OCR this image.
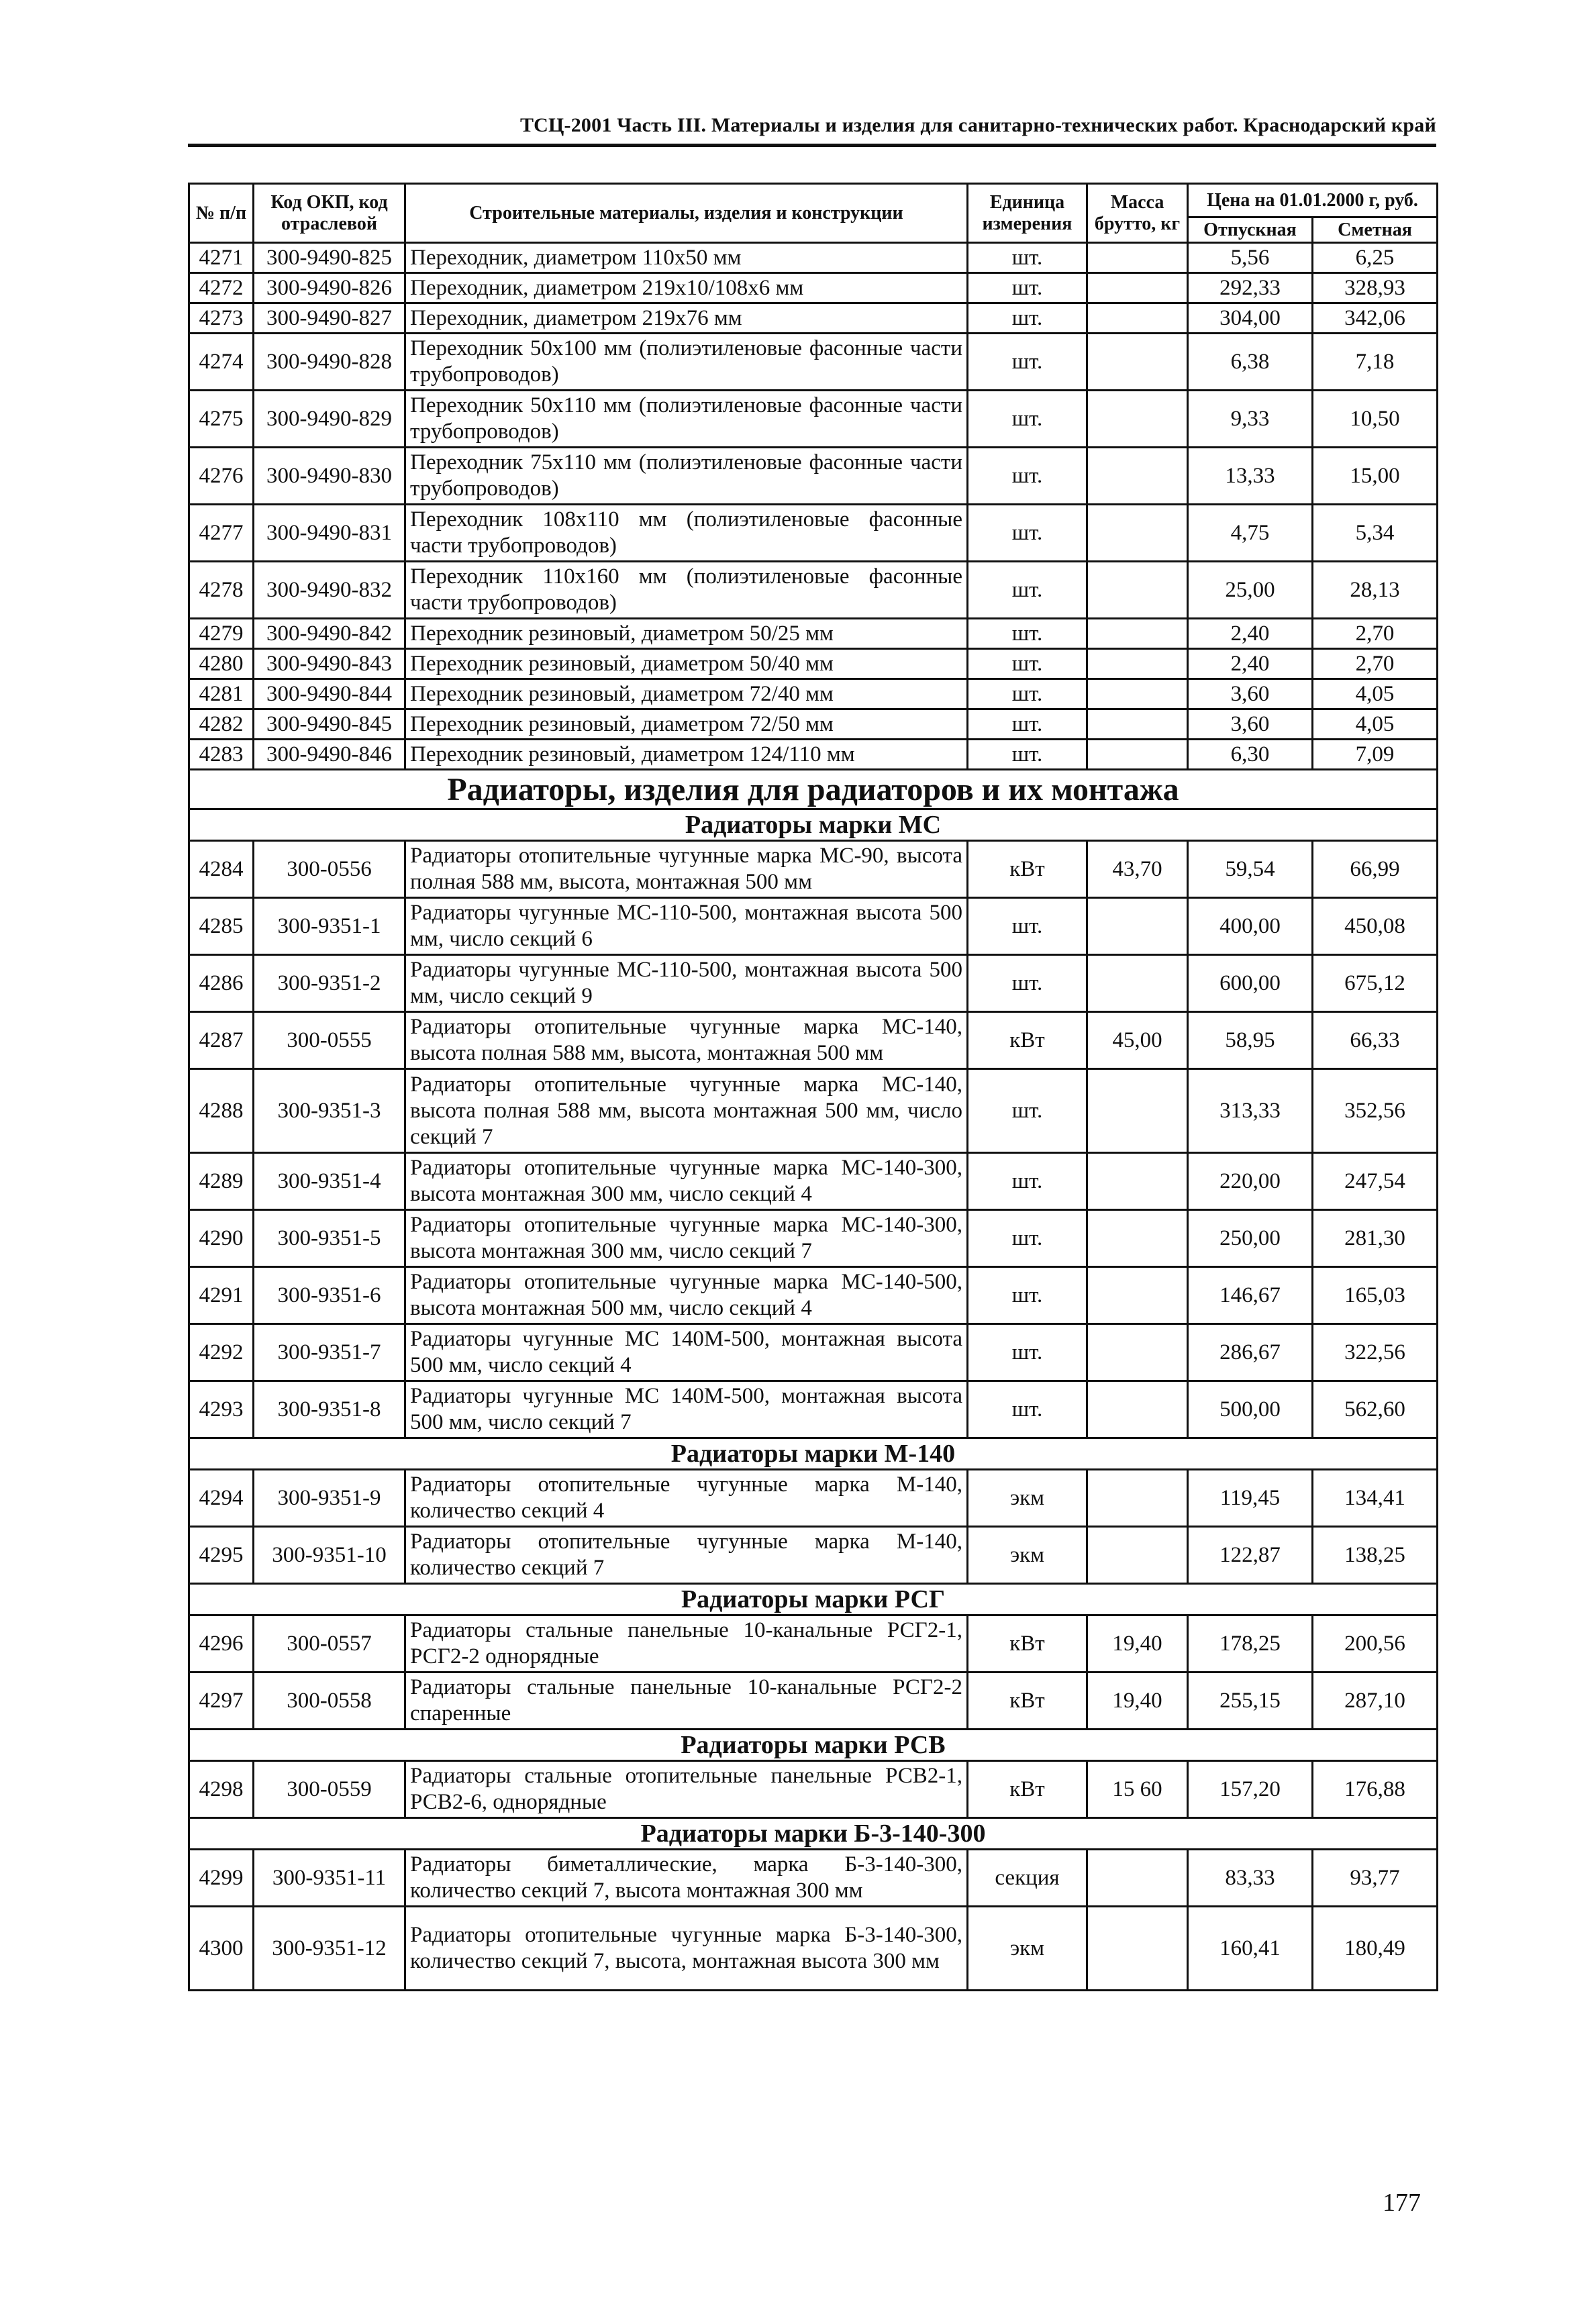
ТСЦ-2001 Часть III. Материалы и изделия для санитарно-технических работ. Краснодарский край
№ п/п	Код ОКП, код отраслевой	Строительные материалы, изделия и конструкции	Единица измерения	Масса брутто, кг	Цена на 01.01.2000 г, руб.	
					Отпускная	Сметная
4271	300-9490-825	Переходник, диаметром 110х50 мм	шт.		5,56	6,25
4272	300-9490-826	Переходник, диаметром 219х10/108х6 мм	шт.		292,33	328,93
4273	300-9490-827	Переходник, диаметром 219х76 мм	шт.		304,00	342,06
4274	300-9490-828	Переходник 50х100 мм (полиэтиленовые фасонные части трубопроводов)	шт.		6,38	7,18
4275	300-9490-829	Переходник 50х110 мм (полиэтиленовые фасонные части трубопроводов)	шт.		9,33	10,50
4276	300-9490-830	Переходник 75х110 мм (полиэтиленовые фасонные части трубопроводов)	шт.		13,33	15,00
4277	300-9490-831	Переходник 108х110 мм (полиэтиленовые фасонные части трубопроводов)	шт.		4,75	5,34
4278	300-9490-832	Переходник 110х160 мм (полиэтиленовые фасонные части трубопроводов)	шт.		25,00	28,13
4279	300-9490-842	Переходник резиновый, диаметром 50/25 мм	шт.		2,40	2,70
4280	300-9490-843	Переходник резиновый, диаметром 50/40 мм	шт.		2,40	2,70
4281	300-9490-844	Переходник резиновый, диаметром 72/40 мм	шт.		3,60	4,05
4282	300-9490-845	Переходник резиновый, диаметром 72/50 мм	шт.		3,60	4,05
4283	300-9490-846	Переходник резиновый, диаметром 124/110 мм	шт.		6,30	7,09
Радиаторы, изделия для радиаторов и их монтажа						
Радиаторы марки МС						
4284	300-0556	Радиаторы отопительные чугунные марка МС-90, высота полная 588 мм, высота, монтажная 500 мм	кВт	43,70	59,54	66,99
4285	300-9351-1	Радиаторы чугунные МС-110-500, монтажная высота 500 мм, число секций 6	шт.		400,00	450,08
4286	300-9351-2	Радиаторы чугунные МС-110-500, монтажная высота 500 мм, число секций 9	шт.		600,00	675,12
4287	300-0555	Радиаторы отопительные чугунные марка МС-140, высота полная 588 мм, высота, монтажная 500 мм	кВт	45,00	58,95	66,33
4288	300-9351-3	Радиаторы отопительные чугунные марка МС-140, высота полная 588 мм, высота монтажная 500 мм, число секций 7	шт.		313,33	352,56
4289	300-9351-4	Радиаторы отопительные чугунные марка МС-140-300, высота монтажная 300 мм, число секций 4	шт.		220,00	247,54
4290	300-9351-5	Радиаторы отопительные чугунные марка МС-140-300, высота монтажная 300 мм, число секций 7	шт.		250,00	281,30
4291	300-9351-6	Радиаторы отопительные чугунные марка МС-140-500, высота монтажная 500 мм, число секций 4	шт.		146,67	165,03
4292	300-9351-7	Радиаторы чугунные МС 140М-500, монтажная высота 500 мм, число секций 4	шт.		286,67	322,56
4293	300-9351-8	Радиаторы чугунные МС 140М-500, монтажная высота 500 мм, число секций 7	шт.		500,00	562,60
Радиаторы марки М-140						
4294	300-9351-9	Радиаторы отопительные чугунные марка М-140, количество секций 4	экм		119,45	134,41
4295	300-9351-10	Радиаторы отопительные чугунные марка М-140, количество секций 7	экм		122,87	138,25
Радиаторы марки РСГ						
4296	300-0557	Радиаторы стальные панельные 10-канальные РСГ2-1, РСГ2-2 однорядные	кВт	19,40	178,25	200,56
4297	300-0558	Радиаторы стальные панельные 10-канальные РСГ2-2 спаренные	кВт	19,40	255,15	287,10
Радиаторы марки РСВ						
4298	300-0559	Радиаторы стальные отопительные панельные РСВ2-1, РСВ2-6, однорядные	кВт	15 60	157,20	176,88
Радиаторы марки Б-3-140-300						
4299	300-9351-11	Радиаторы биметаллические, марка Б-3-140-300, количество секций 7, высота монтажная 300 мм	секция		83,33	93,77
4300	300-9351-12	Радиаторы отопительные чугунные марка Б-3-140-300, количество секций 7, высота, монтажная высота 300 мм	экм		160,41	180,49
177
